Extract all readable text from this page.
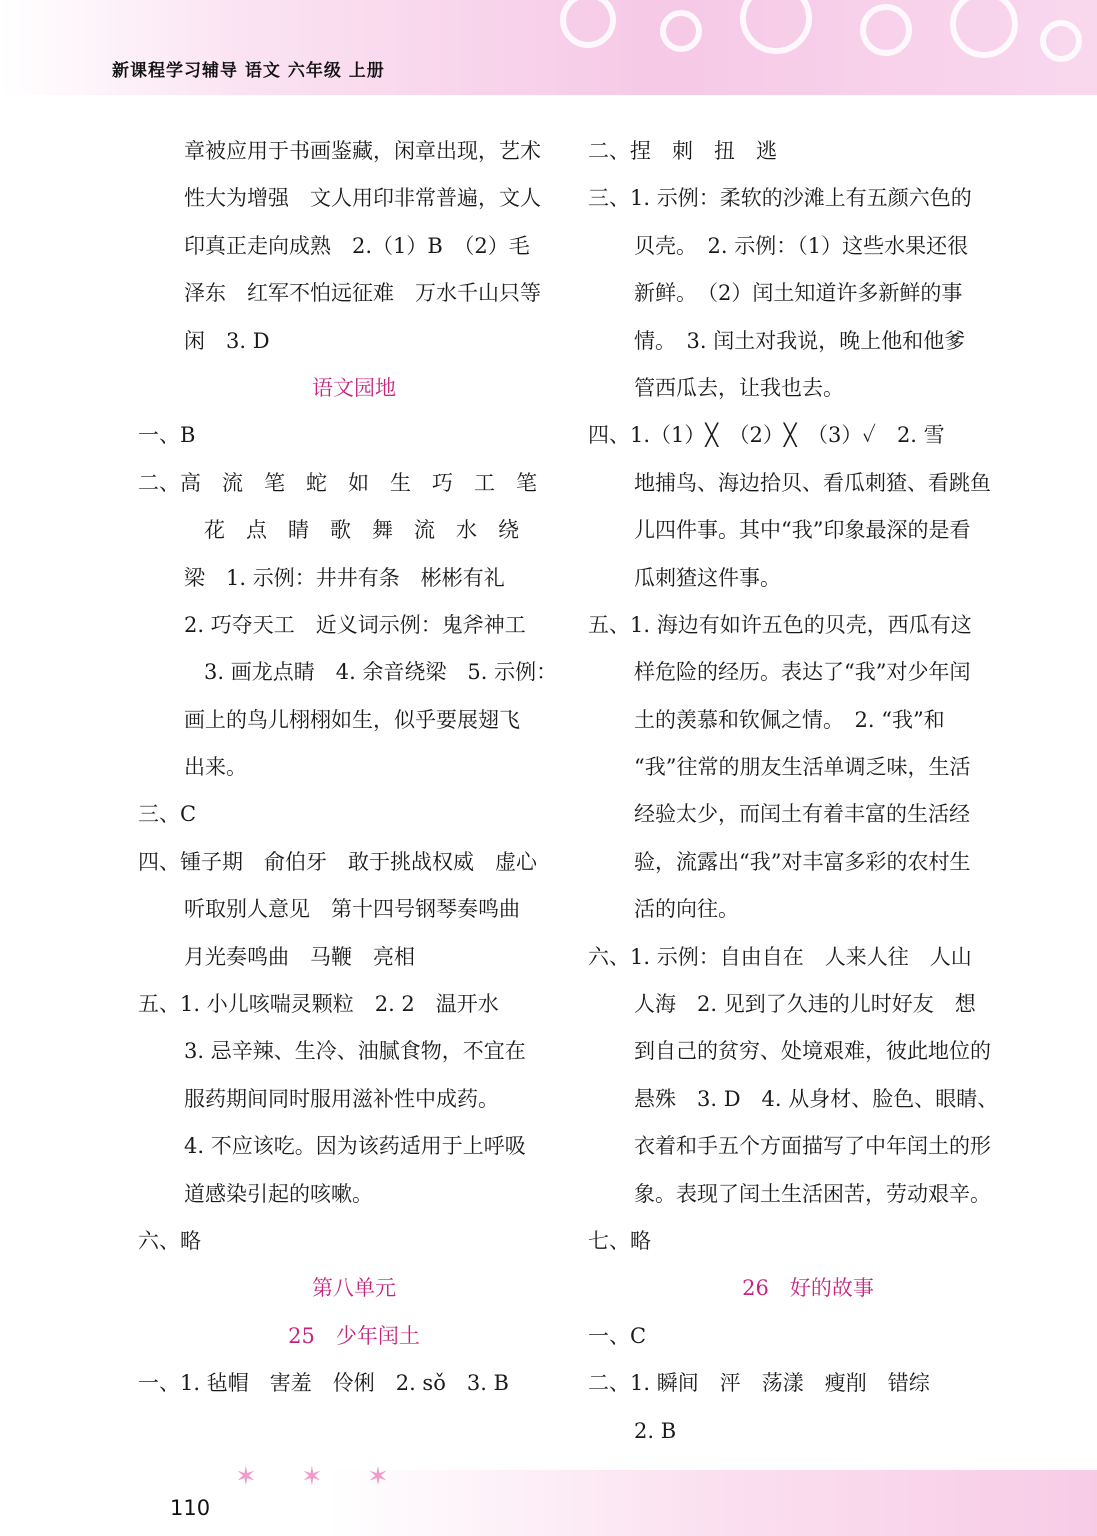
新课程学习辅导 语文 六年级 上册
章被应用于书画鉴藏，闲章出现，艺术
性大为增强　文人用印非常普遍，文人
印真正走向成熟　2.（1）B　（2）毛
泽东　红军不怕远征难　万水千山只等
闲　3. D
语文园地
一、B
二、高　流　笔　蛇　如　生　巧　工　笔
花　点　睛　歌　舞　流　水　绕
梁　1. 示例：井井有条　彬彬有礼
2. 巧夺天工　近义词示例：鬼斧神工
3. 画龙点睛　4. 余音绕梁　5. 示例：
画上的鸟儿栩栩如生，似乎要展翅飞
出来。
三、C
四、锺子期　俞伯牙　敢于挑战权威　虚心
听取别人意见　第十四号钢琴奏鸣曲
月光奏鸣曲　马鞭　亮相
五、1. 小儿咳喘灵颗粒　2. 2　温开水
3. 忌辛辣、生冷、油腻食物，不宜在
服药期间同时服用滋补性中成药。
4. 不应该吃。因为该药适用于上呼吸
道感染引起的咳嗽。
六、略
第八单元
25　少年闰土
一、1. 毡帽　害羞　伶俐　2. sǒ　3. B
二、捏　刺　扭　逃
三、1. 示例：柔软的沙滩上有五颜六色的
贝壳。　2. 示例：（1）这些水果还很
新鲜。　（2）闰土知道许多新鲜的事
情。　3. 闰土对我说，晚上他和他爹
管西瓜去，让我也去。
四、1.（1）╳　（2）╳　（3）✓　2. 雪
地捕鸟、海边拾贝、看瓜刺猹、看跳鱼
儿四件事。其中“我”印象最深的是看
瓜刺猹这件事。
五、1. 海边有如许五色的贝壳，西瓜有这
样危险的经历。表达了“我”对少年闰
土的羡慕和钦佩之情。　2. “我”和
“我”往常的朋友生活单调乏味，生活
经验太少，而闰土有着丰富的生活经
验，流露出“我”对丰富多彩的农村生
活的向往。
六、1. 示例：自由自在　人来人往　人山
人海　2. 见到了久违的儿时好友　想
到自己的贫穷、处境艰难，彼此地位的
悬殊　3. D　4. 从身材、脸色、眼睛、
衣着和手五个方面描写了中年闰土的形
象。表现了闰土生活困苦，劳动艰辛。
七、略
26　好的故事
一、C
二、1. 瞬间　泙　荡漾　瘦削　错综
2. B
✶ ✶ ✶
110
